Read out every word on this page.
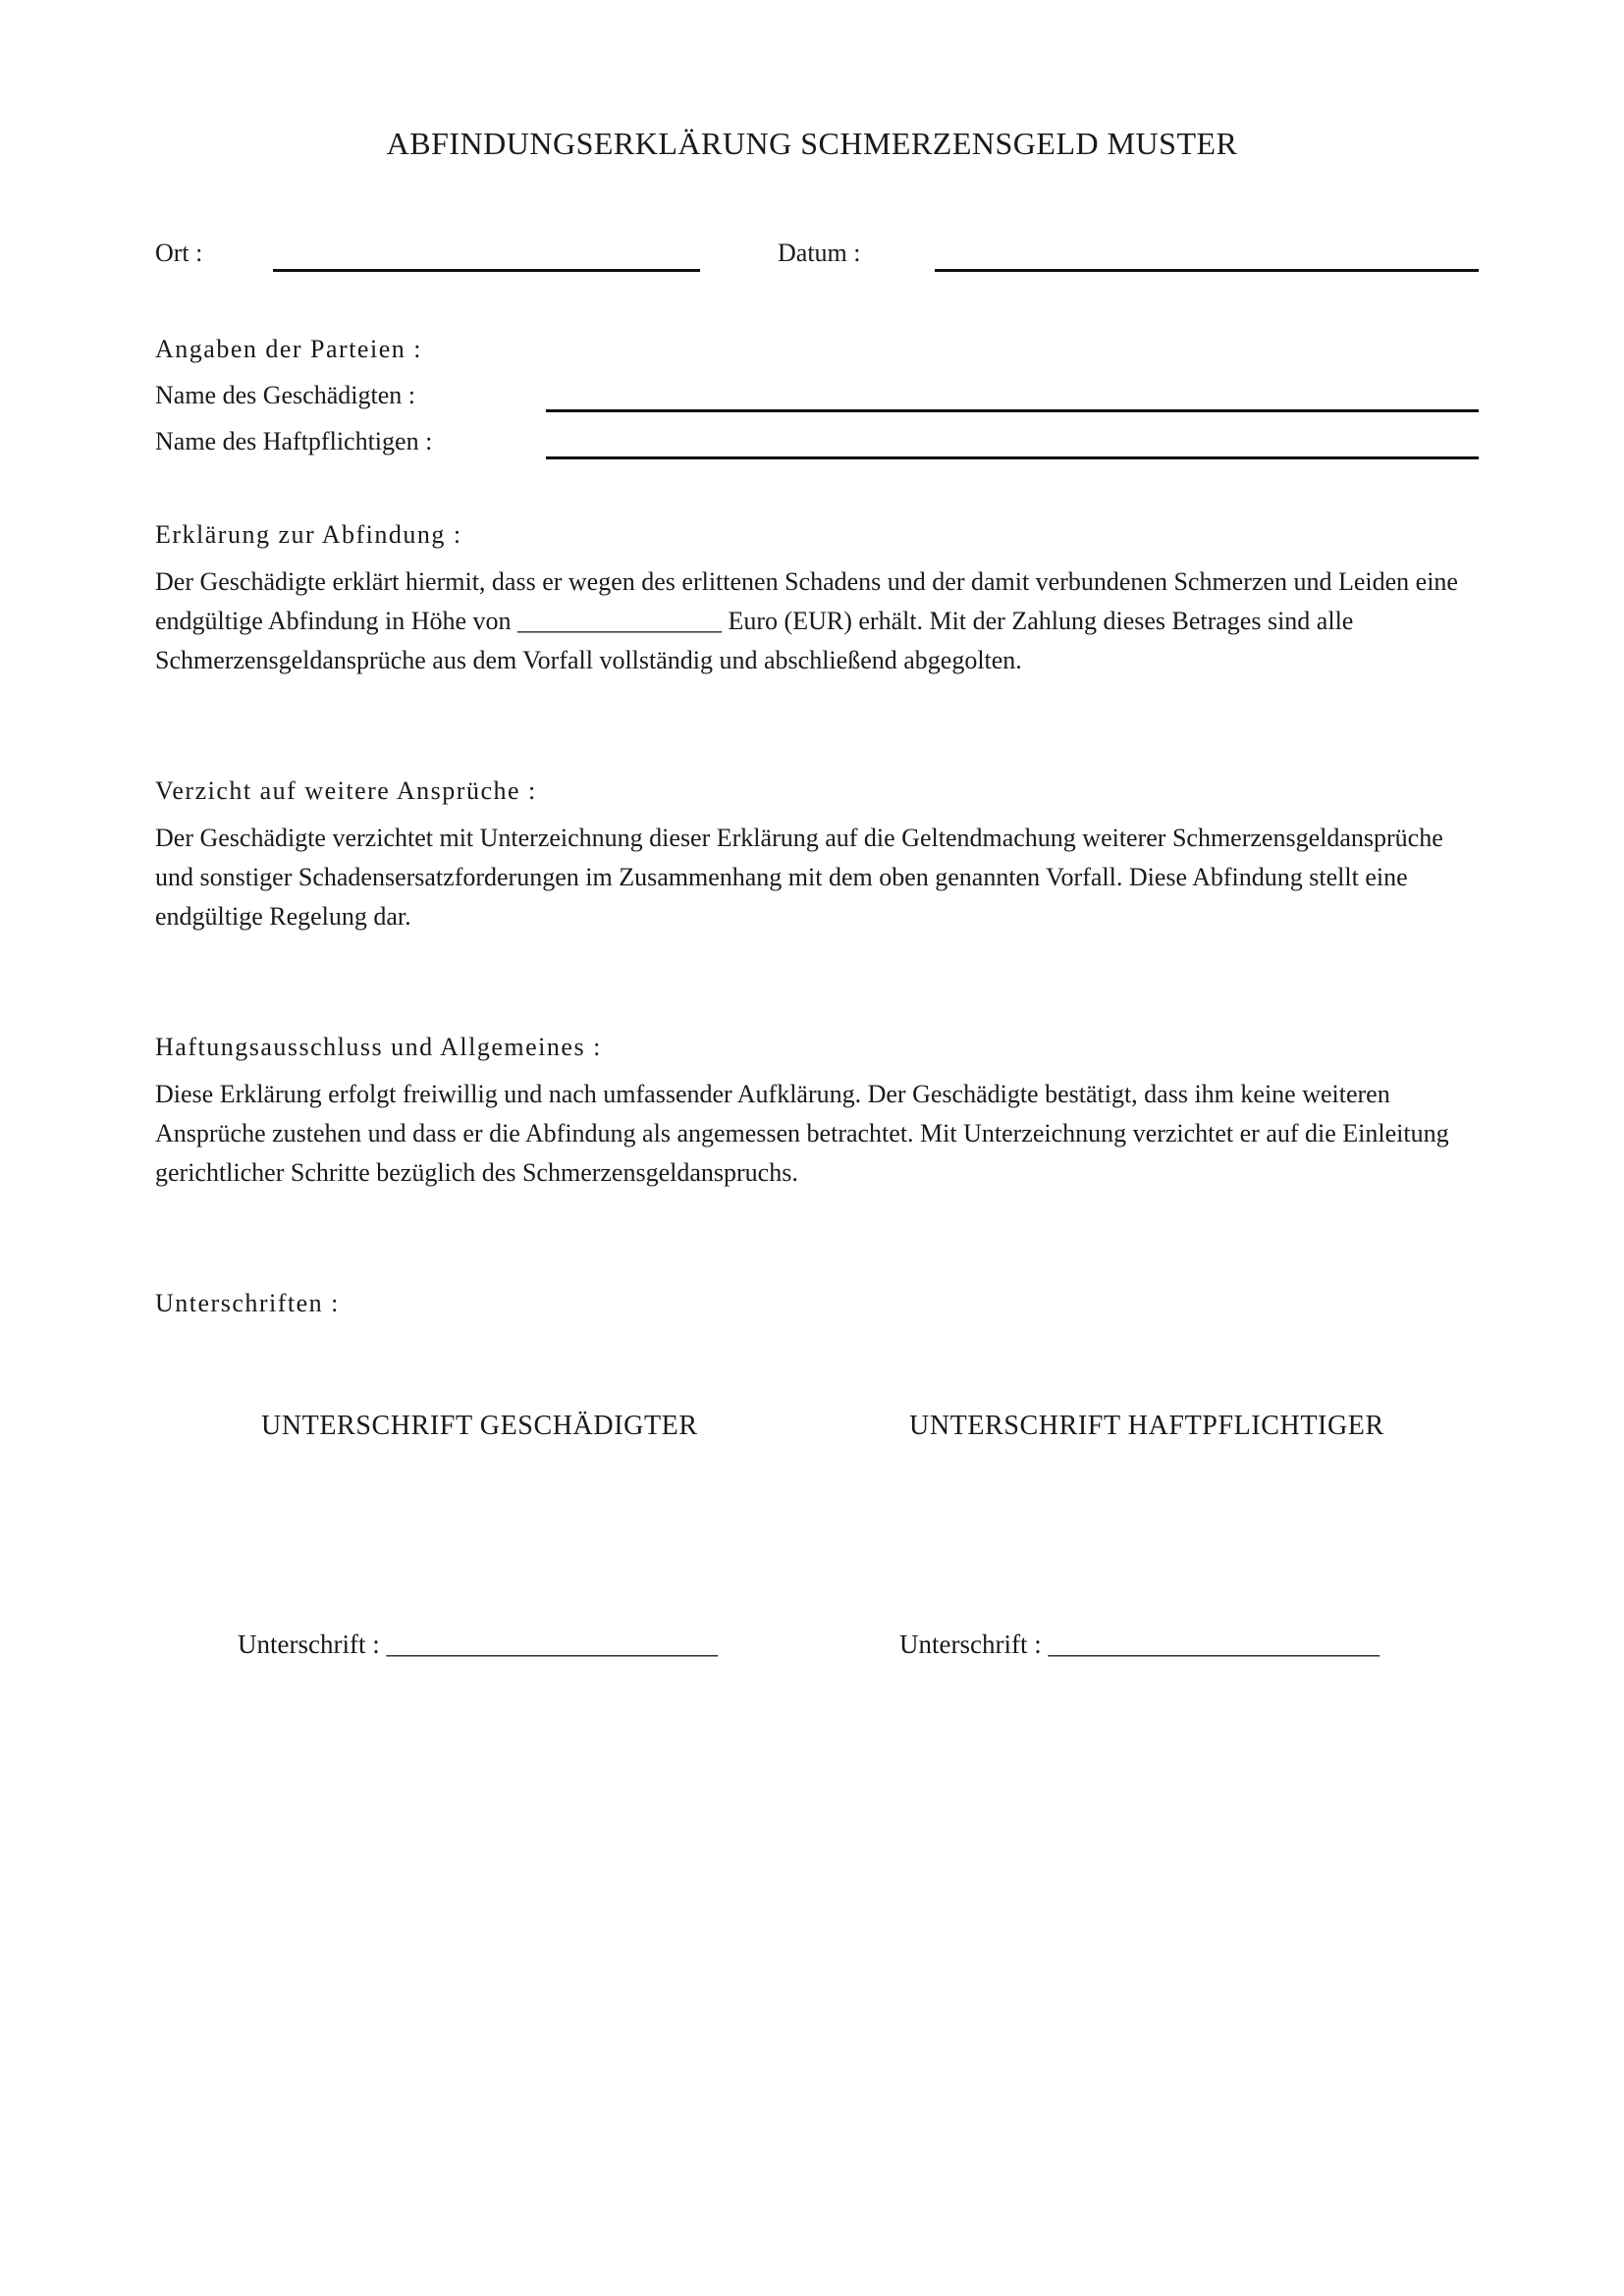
ABFINDUNGSERKLÄRUNG SCHMERZENSGELD MUSTER
Ort :	Datum :
Angaben der Parteien :
Name des Geschädigten :
Name des Haftpflichtigen :
Erklärung zur Abfindung :
Der Geschädigte erklärt hiermit, dass er wegen des erlittenen Schadens und der damit verbundenen Schmerzen und Leiden eine endgültige Abfindung in Höhe von ________________ Euro (EUR) erhält. Mit der Zahlung dieses Betrages sind alle Schmerzensgeldansprüche aus dem Vorfall vollständig und abschließend abgegolten.
Verzicht auf weitere Ansprüche :
Der Geschädigte verzichtet mit Unterzeichnung dieser Erklärung auf die Geltendmachung weiterer Schmerzensgeldansprüche und sonstiger Schadensersatzforderungen im Zusammenhang mit dem oben genannten Vorfall. Diese Abfindung stellt eine endgültige Regelung dar.
Haftungsausschluss und Allgemeines :
Diese Erklärung erfolgt freiwillig und nach umfassender Aufklärung. Der Geschädigte bestätigt, dass ihm keine weiteren Ansprüche zustehen und dass er die Abfindung als angemessen betrachtet. Mit Unterzeichnung verzichtet er auf die Einleitung gerichtlicher Schritte bezüglich des Schmerzensgeldanspruchs.
Unterschriften :
UNTERSCHRIFT GESCHÄDIGTER	UNTERSCHRIFT HAFTPFLICHTIGER
Unterschrift : _________________________	Unterschrift : _________________________
